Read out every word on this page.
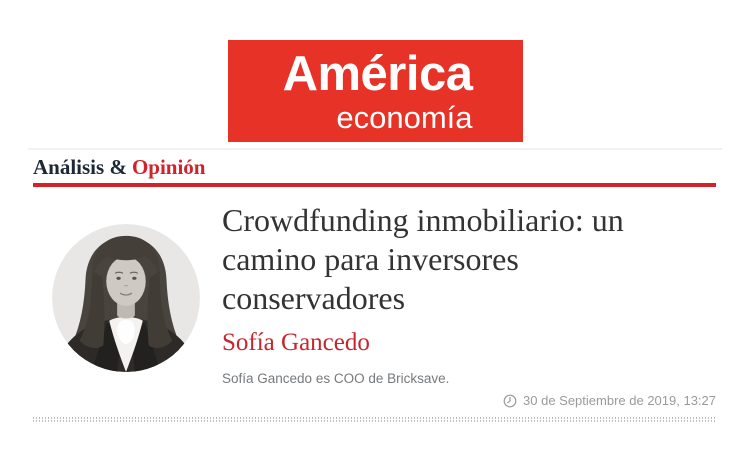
América
economía
Análisis & Opinión
Crowdfunding inmobiliario: un camino para inversores conservadores
Sofía Gancedo

Sofía Gancedo es COO de Bricksave.

30 de Septiembre de 2019, 13:27
